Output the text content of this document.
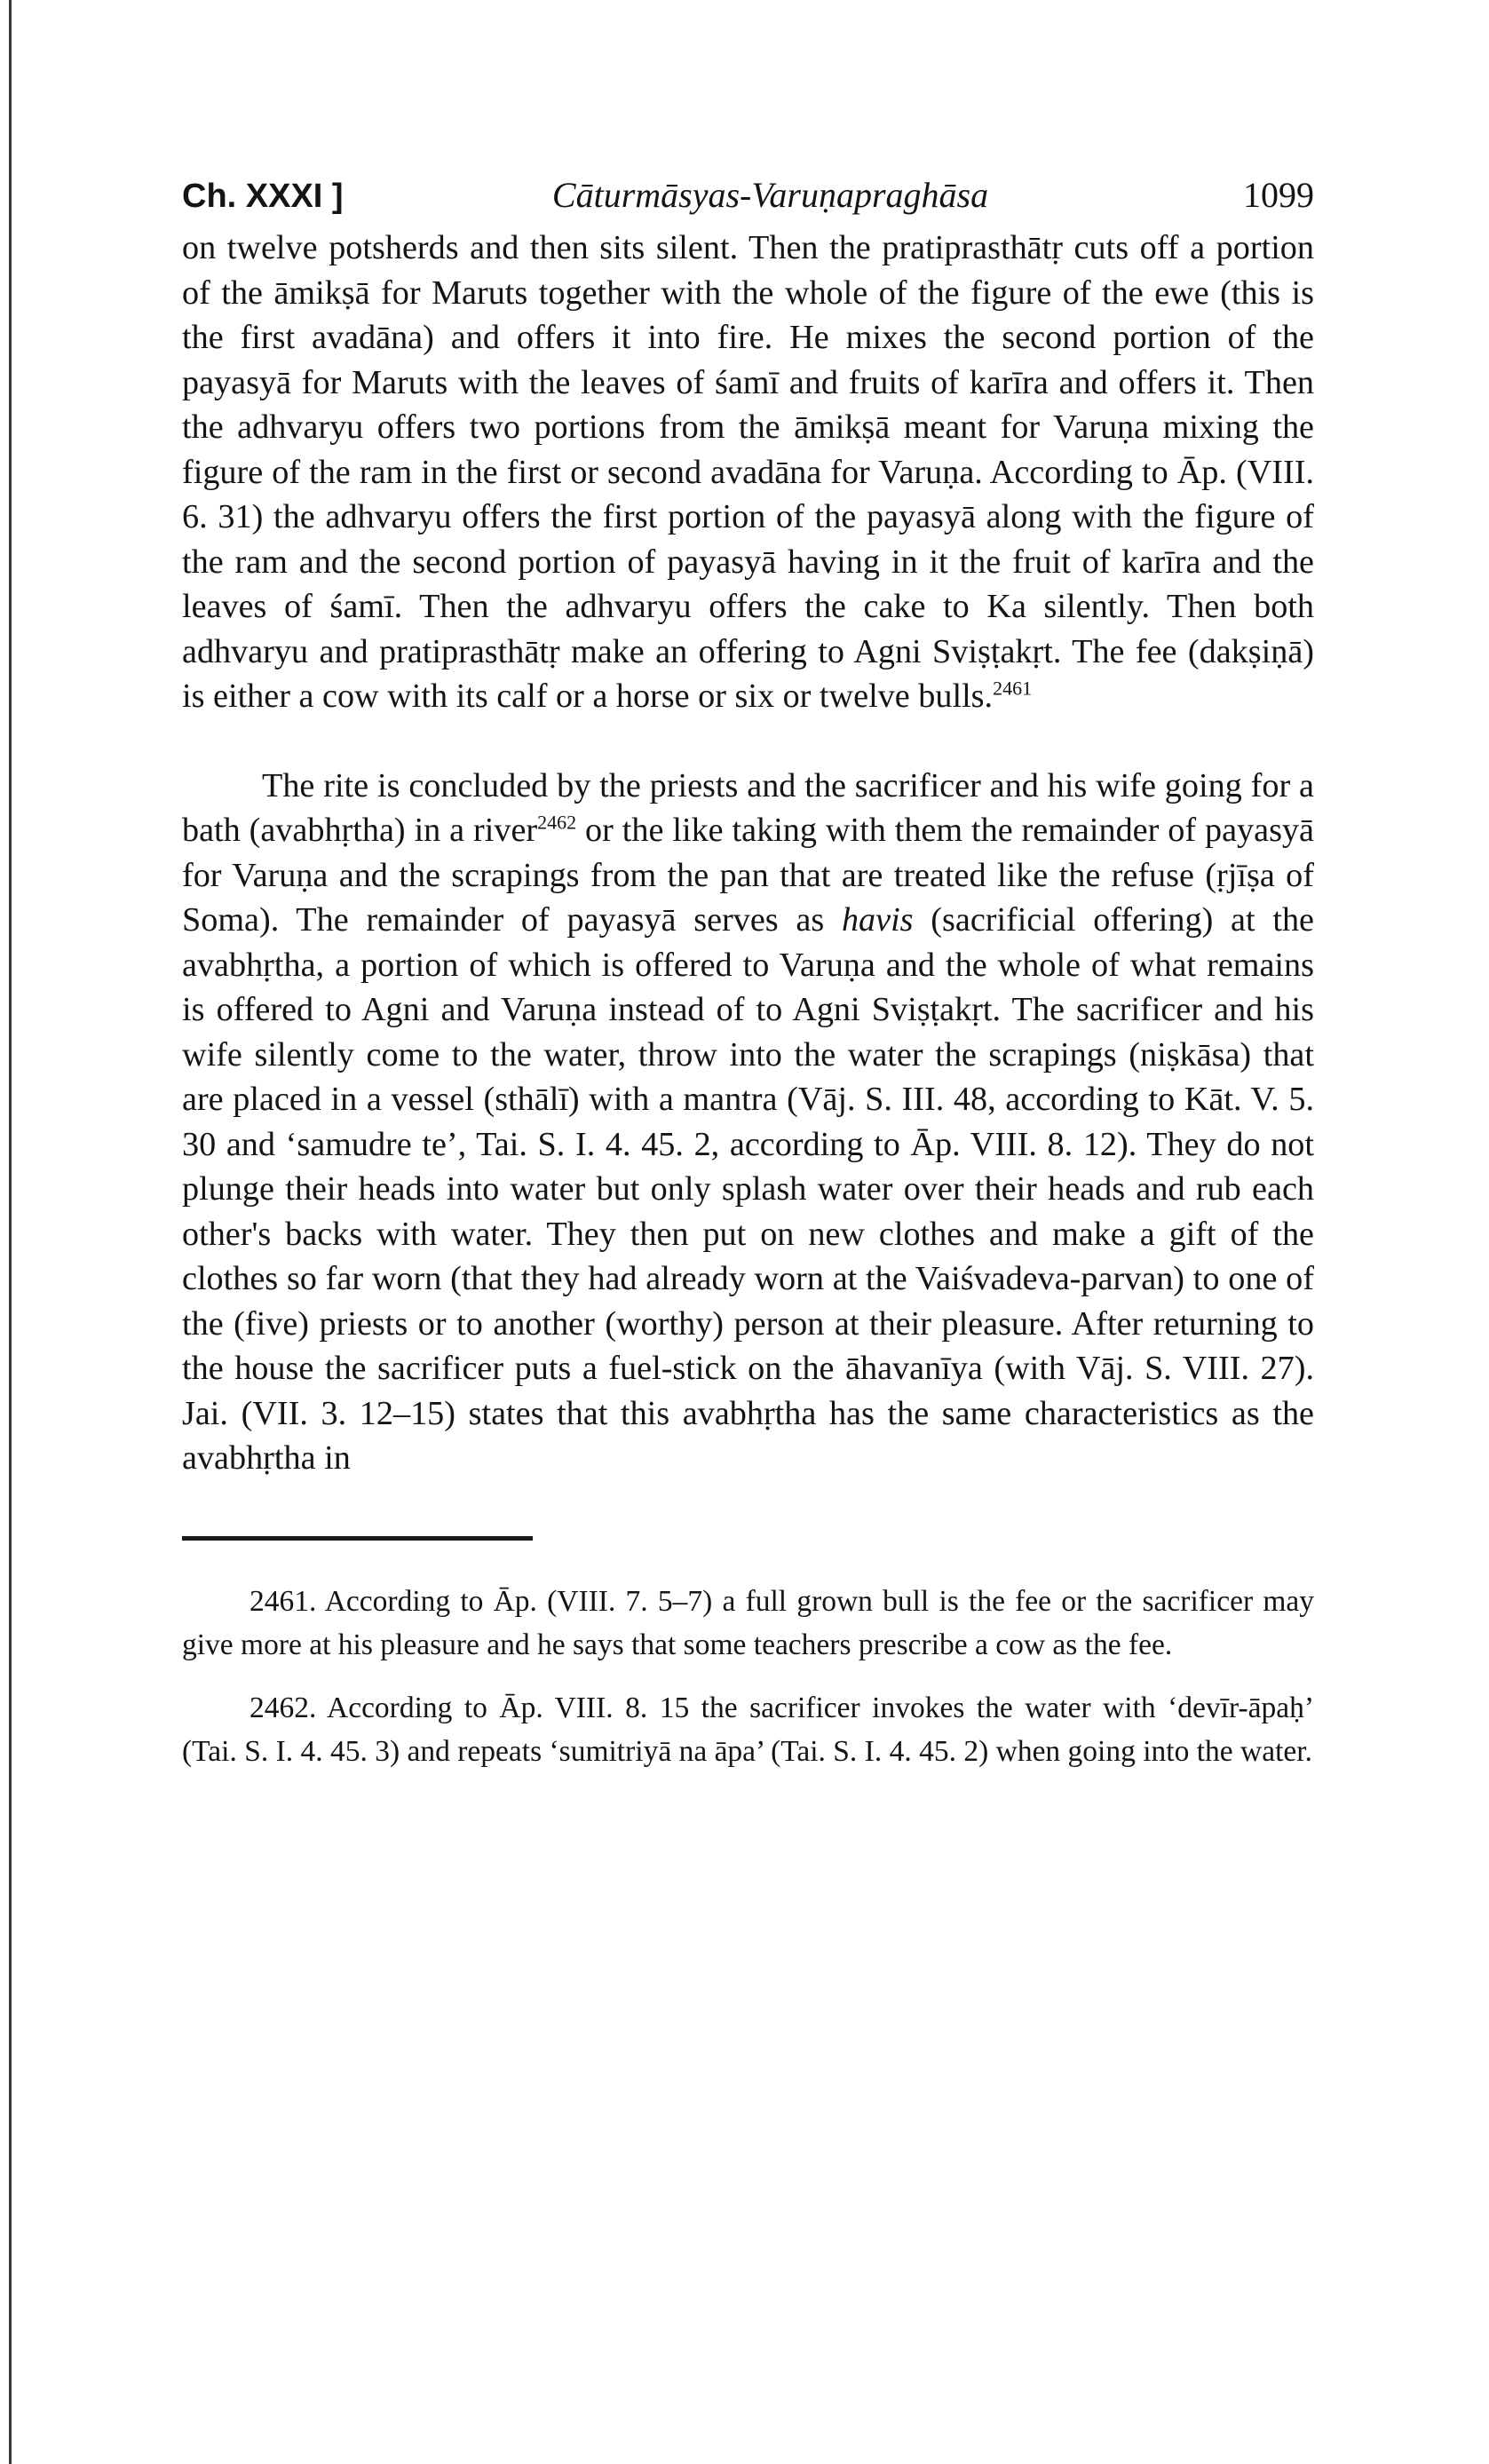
Ch. XXXI ]	Cāturmāsyas-Varuṇapraghāsa	1099

on twelve potsherds and then sits silent. Then the pratiprasthātṛ cuts off a portion of the āmikṣā for Maruts together with the whole of the figure of the ewe (this is the first avadāna) and offers it into fire. He mixes the second portion of the payasyā for Maruts with the leaves of śamī and fruits of karīra and offers it. Then the adhvaryu offers two portions from the āmikṣā meant for Varuṇa mixing the figure of the ram in the first or second avadāna for Varuṇa. According to Āp. (VIII. 6. 31) the adhvaryu offers the first portion of the payasyā along with the figure of the ram and the second portion of payasyā having in it the fruit of karīra and the leaves of śamī. Then the adhvaryu offers the cake to Ka silently. Then both adhvaryu and pratiprasthātṛ make an offering to Agni Sviṣṭakṛt. The fee (dakṣiṇā) is either a cow with its calf or a horse or six or twelve bulls.$^{2461}$

The rite is concluded by the priests and the sacrificer and his wife going for a bath (avabhṛtha) in a river$^{2462}$ or the like taking with them the remainder of payasyā for Varuṇa and the scrapings from the pan that are treated like the refuse (ṛjīṣa of Soma). The remainder of payasyā serves as havis (sacrificial offering) at the avabhṛtha, a portion of which is offered to Varuṇa and the whole of what remains is offered to Agni and Varuṇa instead of to Agni Sviṣṭakṛt. The sacrificer and his wife silently come to the water, throw into the water the scrapings (niṣkāsa) that are placed in a vessel (sthālī) with a mantra (Vāj. S. III. 48, according to Kāt. V. 5. 30 and ‘samudre te’, Tai. S. I. 4. 45. 2, according to Āp. VIII. 8. 12). They do not plunge their heads into water but only splash water over their heads and rub each other's backs with water. They then put on new clothes and make a gift of the clothes so far worn (that they had already worn at the Vaiśvadeva-parvan) to one of the (five) priests or to another (worthy) person at their pleasure. After returning to the house the sacrificer puts a fuel-stick on the āhavanīya (with Vāj. S. VIII. 27). Jai. (VII. 3. 12–15) states that this avabhṛtha has the same characteristics as the avabhṛtha in

2461. According to Āp. (VIII. 7. 5–7) a full grown bull is the fee or the sacrificer may give more at his pleasure and he says that some teachers prescribe a cow as the fee.

2462. According to Āp. VIII. 8. 15 the sacrificer invokes the water with ‘devīr-āpaḥ’ (Tai. S. I. 4. 45. 3) and repeats ‘sumitriyā na āpa’ (Tai. S. I. 4. 45. 2) when going into the water.
